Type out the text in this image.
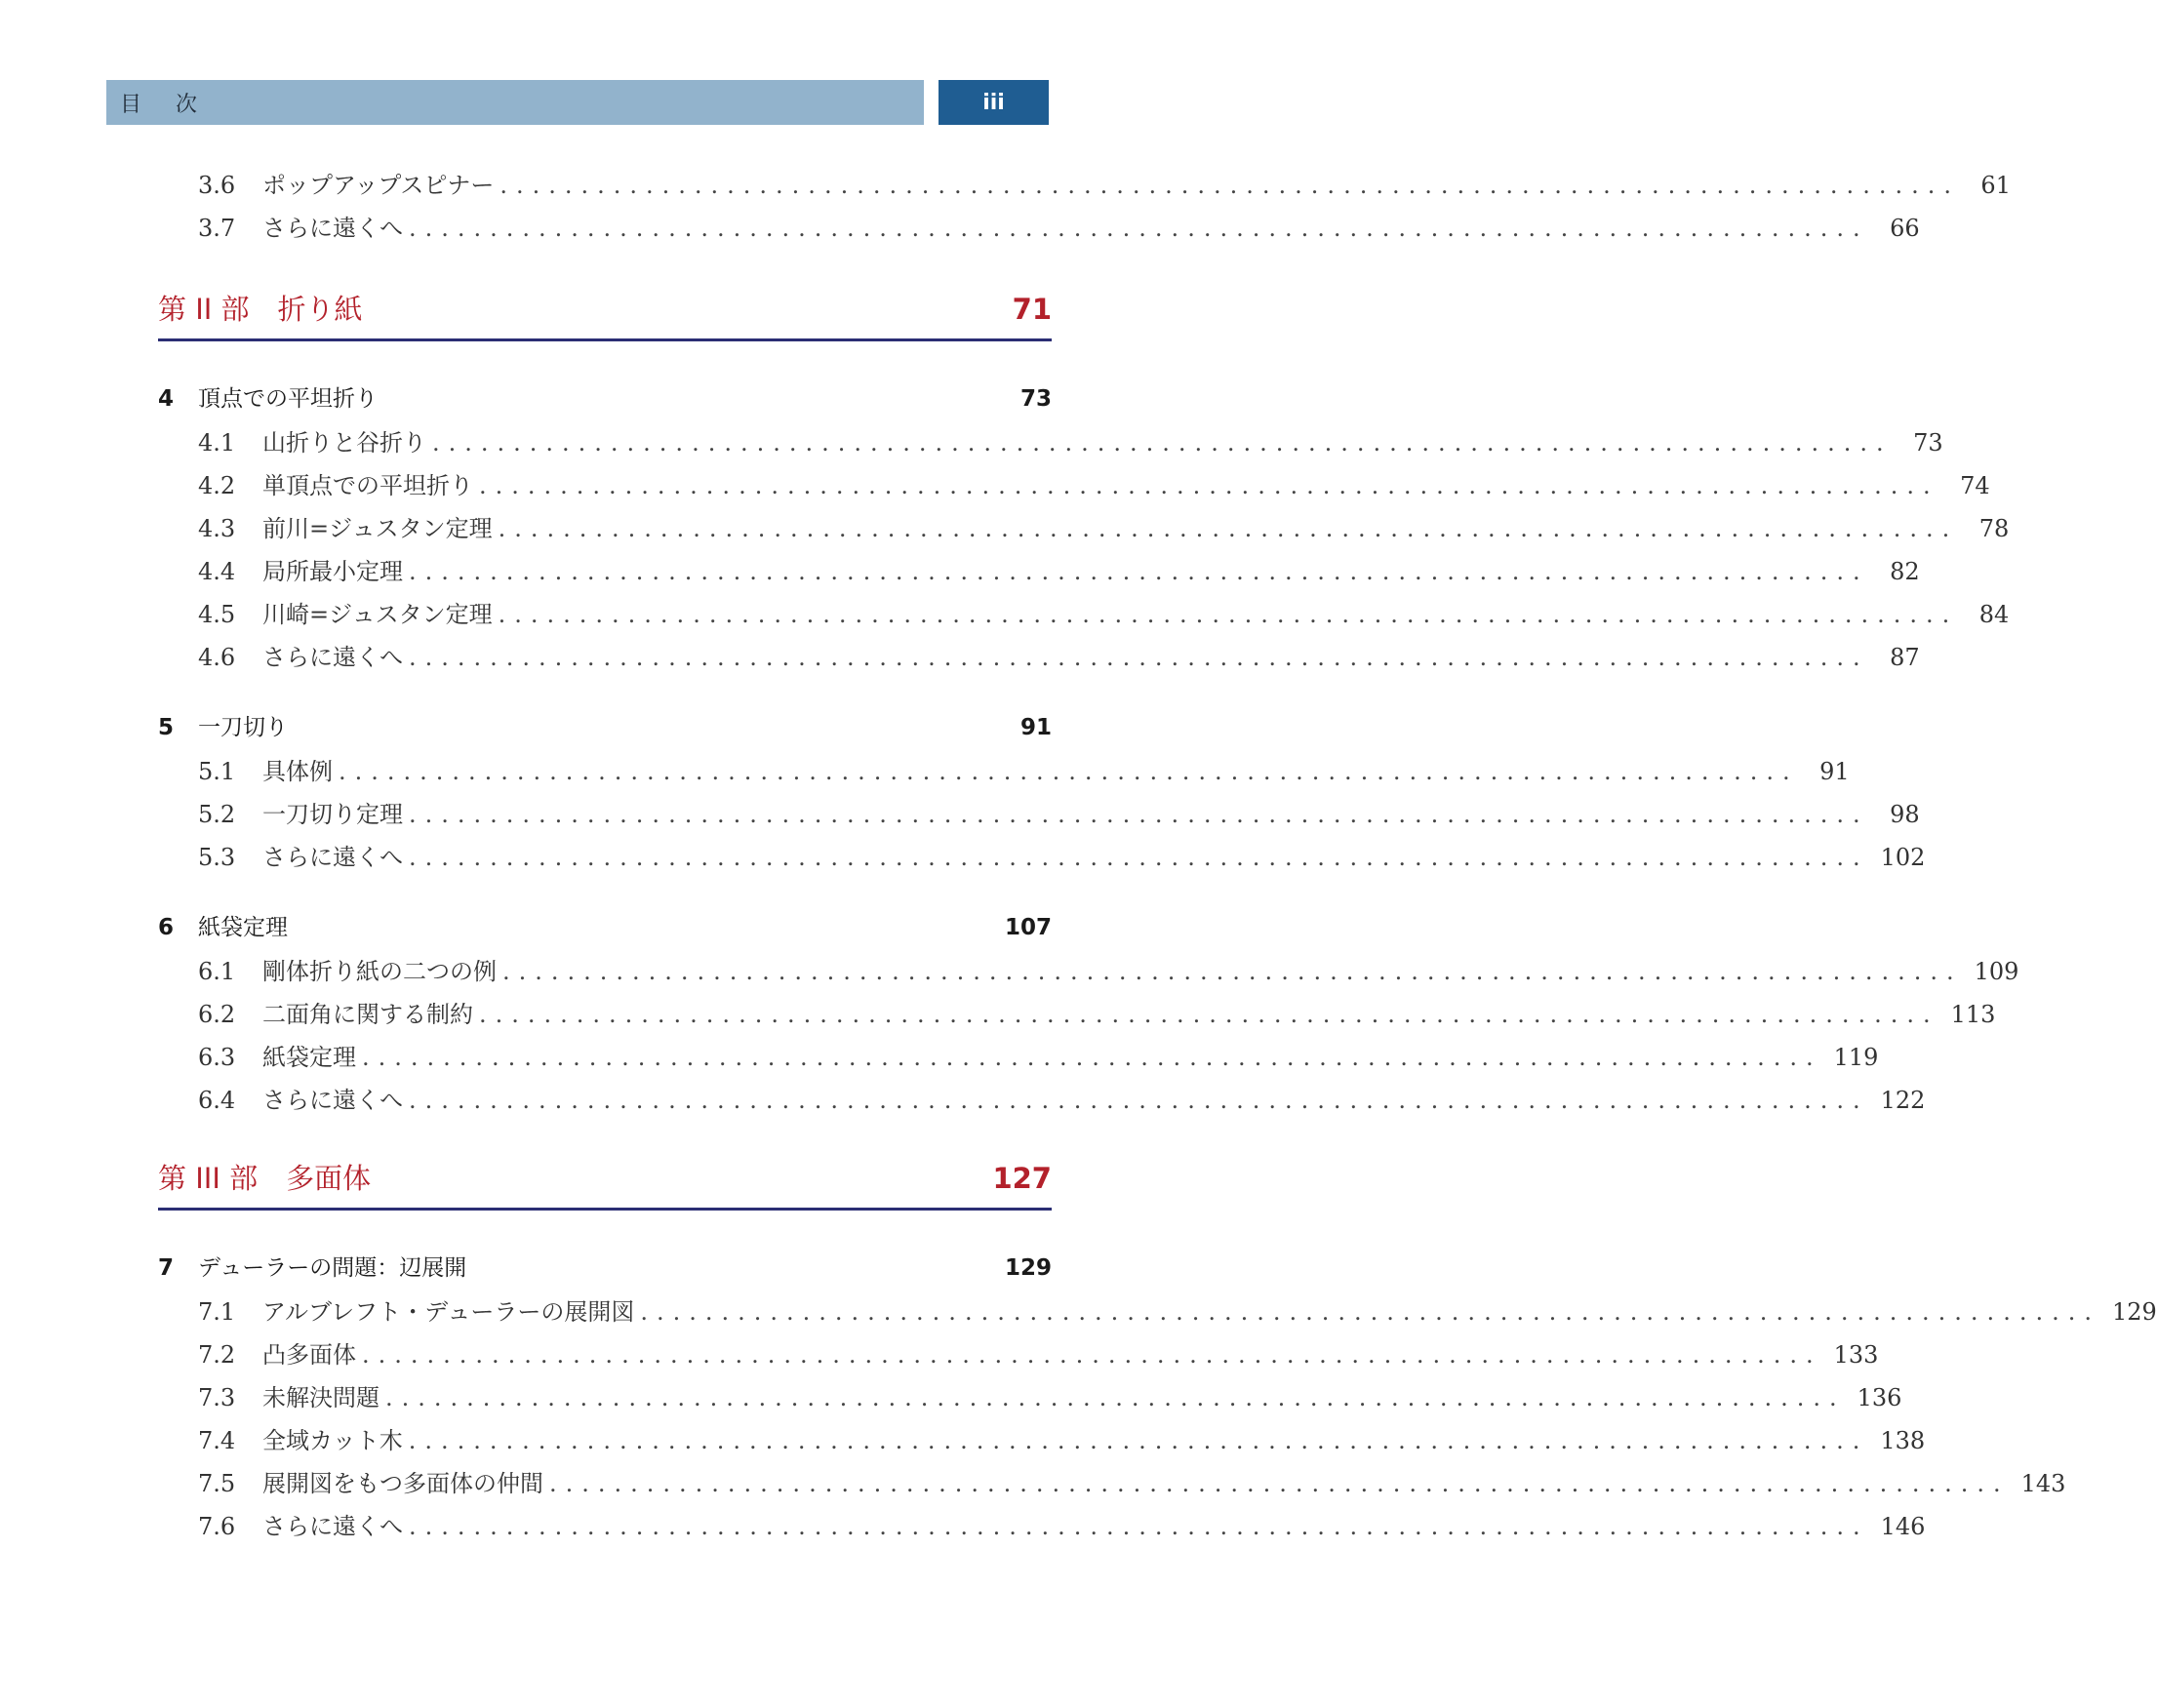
目 次	iii
3.6	ポップアップスピナー .......................................................................................... 61
3.7	さらに遠くへ .......................................................................................... 66
第 II 部　折り紙	71
4	頂点での平坦折り	73
4.1	山折りと谷折り .......................................................................................... 73
4.2	単頂点での平坦折り .......................................................................................... 74
4.3	前川=ジュスタン定理 .......................................................................................... 78
4.4	局所最小定理 .......................................................................................... 82
4.5	川崎=ジュスタン定理 .......................................................................................... 84
4.6	さらに遠くへ .......................................................................................... 87
5	一刀切り	91
5.1	具体例 .......................................................................................... 91
5.2	一刀切り定理 .......................................................................................... 98
5.3	さらに遠くへ .......................................................................................... 102
6	紙袋定理	107
6.1	剛体折り紙の二つの例 .......................................................................................... 109
6.2	二面角に関する制約 .......................................................................................... 113
6.3	紙袋定理 .......................................................................................... 119
6.4	さらに遠くへ .......................................................................................... 122
第 III 部　多面体	127
7	デューラーの問題：辺展開	129
7.1	アルブレフト・デューラーの展開図 .......................................................................................... 129
7.2	凸多面体 .......................................................................................... 133
7.3	未解決問題 .......................................................................................... 136
7.4	全域カット木 .......................................................................................... 138
7.5	展開図をもつ多面体の仲間 .......................................................................................... 143
7.6	さらに遠くへ .......................................................................................... 146
